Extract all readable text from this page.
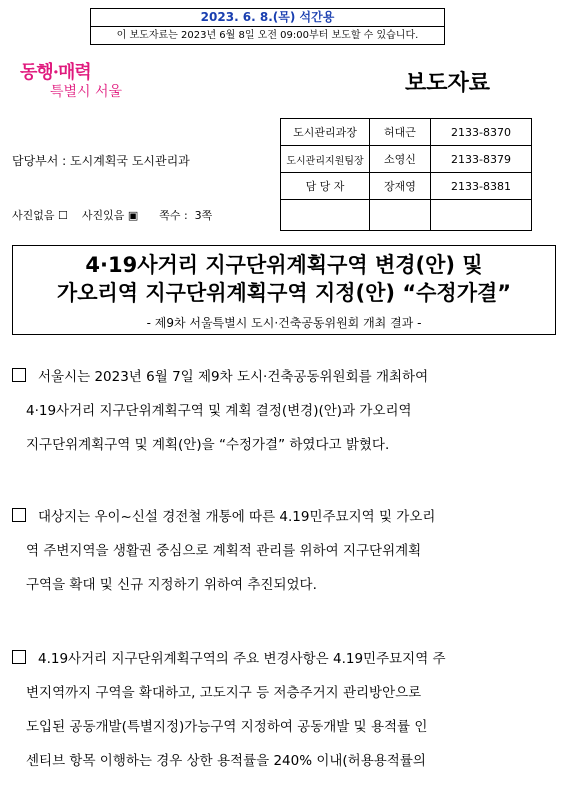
2023. 6. 8.(목) 석간용
이 보도자료는 2023년 6월 8일 오전 09:00부터 보도할 수 있습니다.
동행·매력
특별시 서울	보도자료
담당부서 : 도시계획국 도시관리과
사진없음 ☐    사진있음 ▣      쪽수 :  3쪽
도시관리과장	허대근	2133-8370
도시관리지원팀장	소영신	2133-8379
담 당 자	장재영	2133-8381

4·19사거리 지구단위계획구역 변경(안) 및
가오리역 지구단위계획구역 지정(안) “수정가결”
- 제9차 서울특별시 도시·건축공동위원회 개최 결과 -
서울시는 2023년 6월 7일 제9차 도시·건축공동위원회를 개최하여
4·19사거리 지구단위계획구역 및 계획 결정(변경)(안)과 가오리역
지구단위계획구역 및 계획(안)을 “수정가결” 하였다고 밝혔다.
대상지는 우이~신설 경전철 개통에 따른 4.19민주묘지역 및 가오리
역 주변지역을 생활권 중심으로 계획적 관리를 위하여 지구단위계획
구역을 확대 및 신규 지정하기 위하여 추진되었다.
4.19사거리 지구단위계획구역의 주요 변경사항은 4.19민주묘지역 주
변지역까지 구역을 확대하고, 고도지구 등 저층주거지 관리방안으로
도입된 공동개발(특별지정)가능구역 지정하여 공동개발 및 용적률 인
센티브 항목 이행하는 경우 상한 용적률을 240% 이내(허용용적률의
